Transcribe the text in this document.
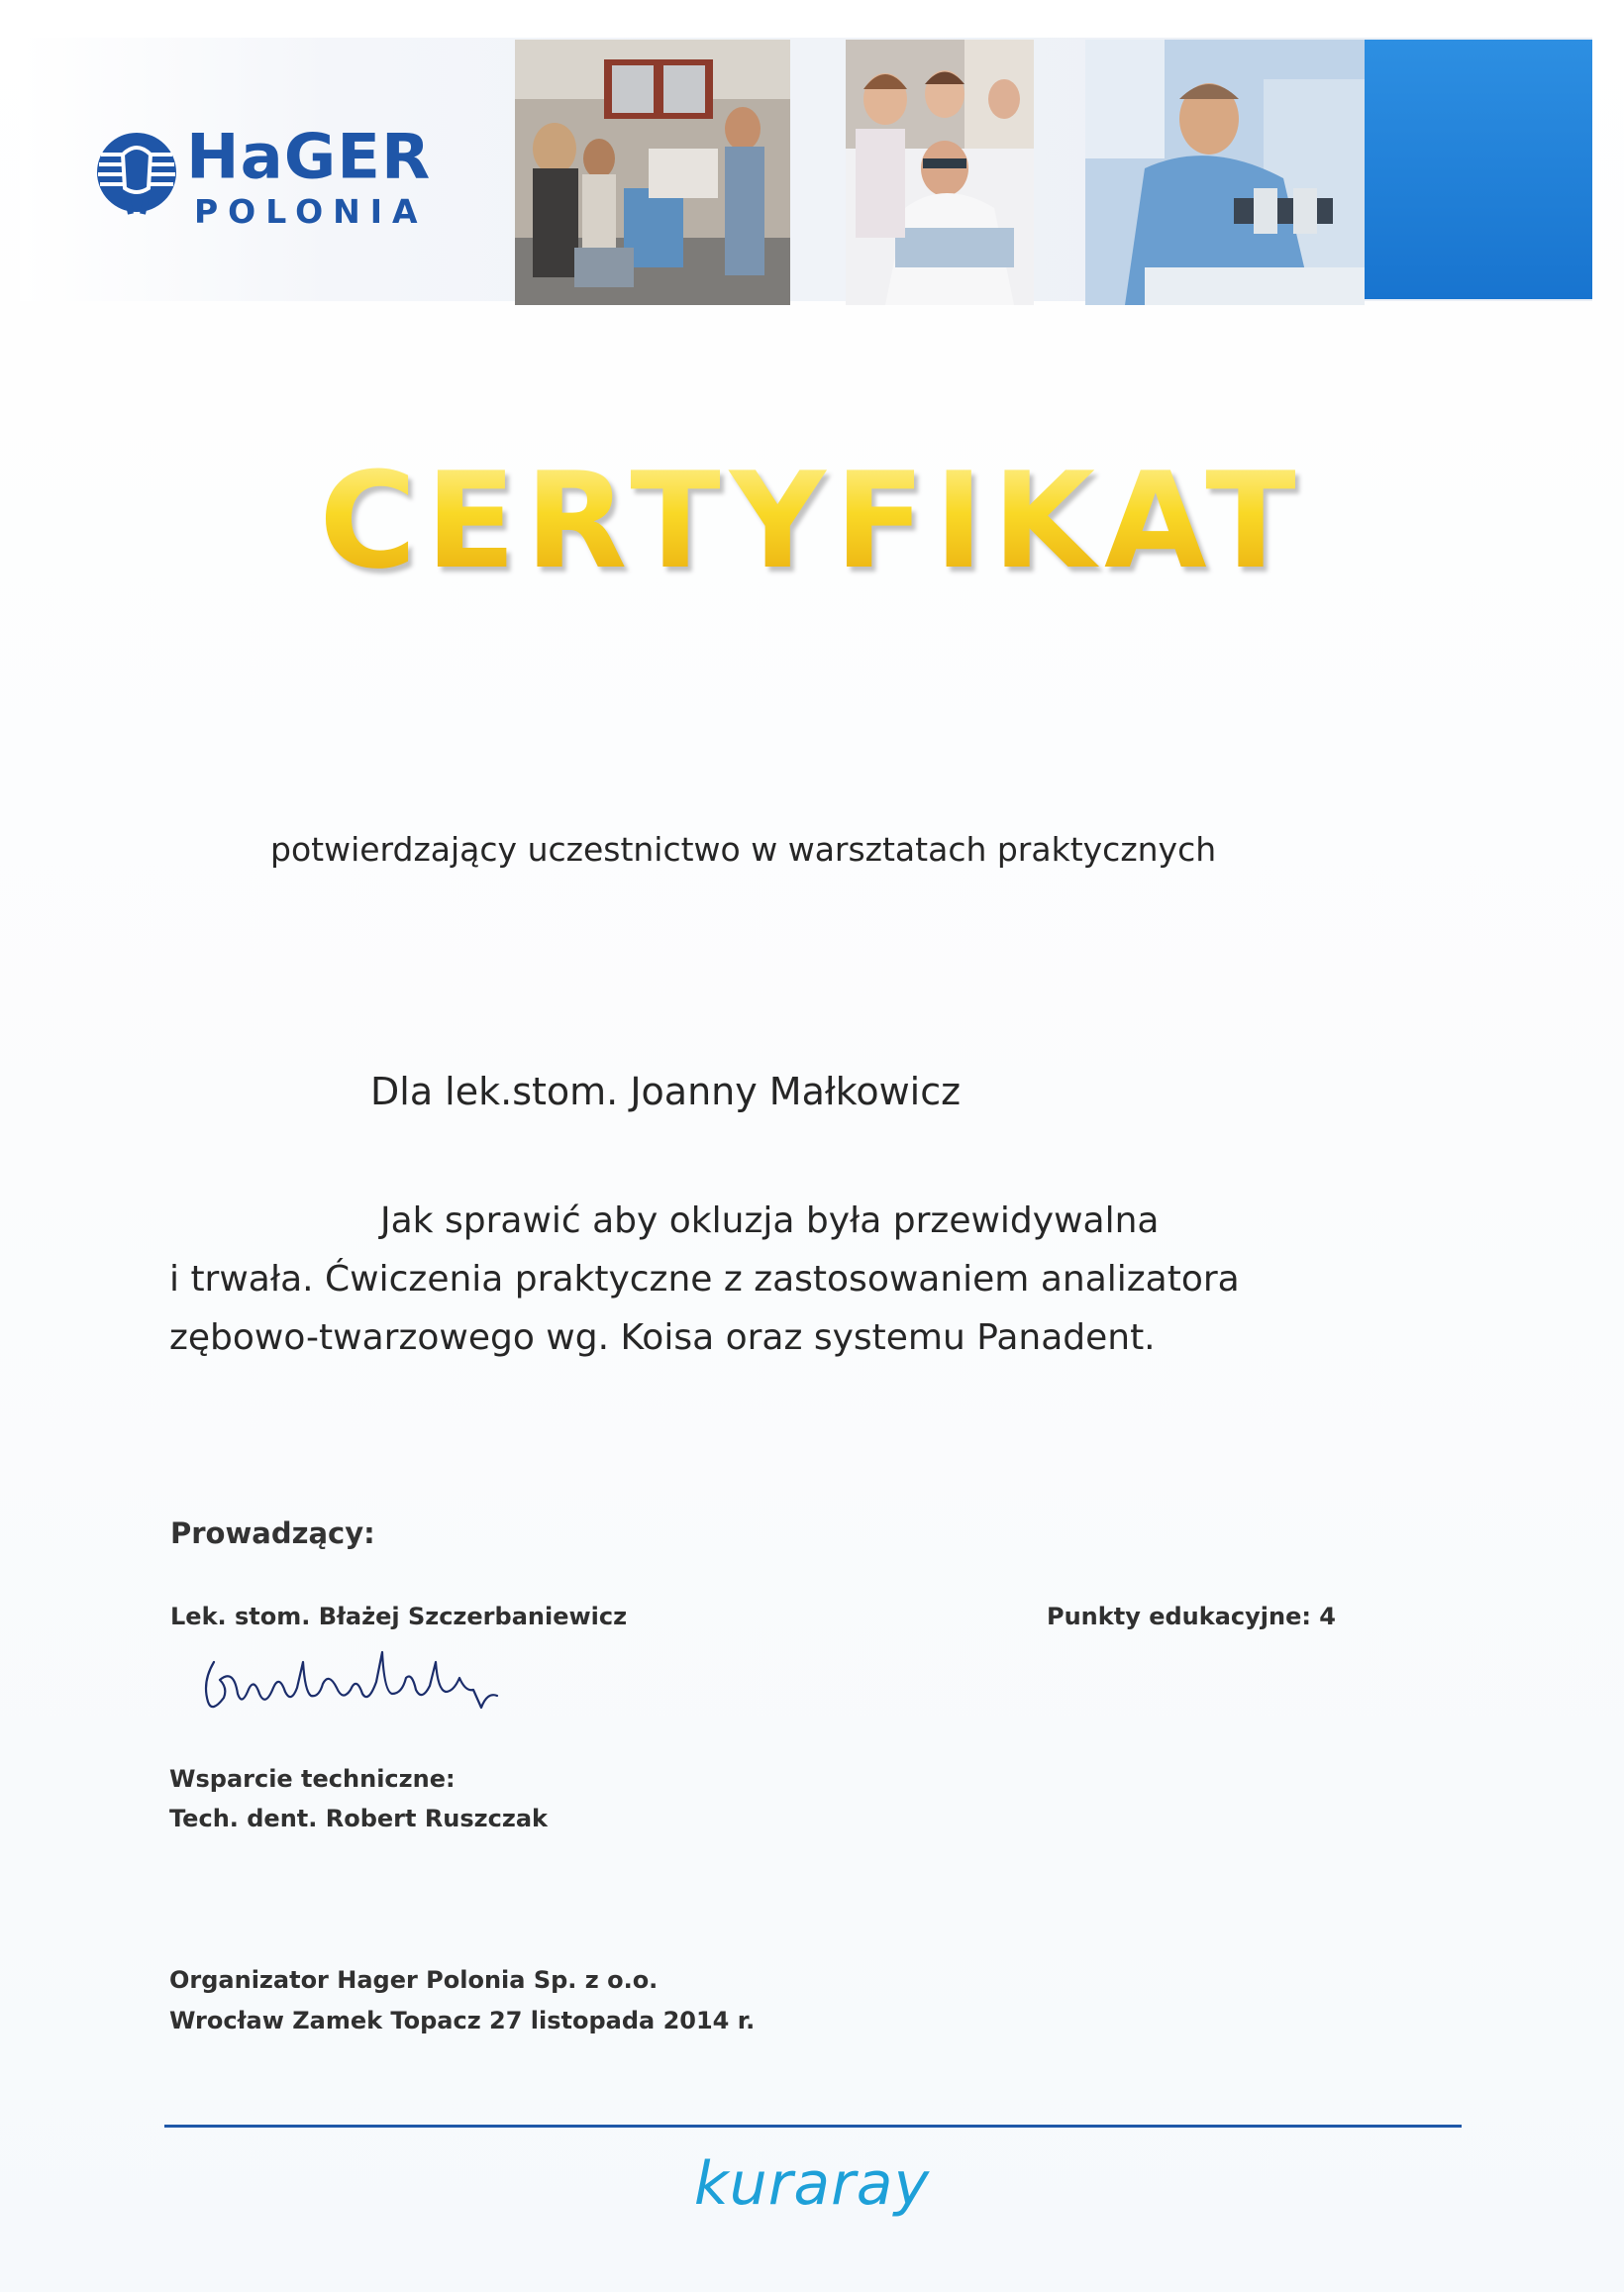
HaGER
POLONIA
CERTYFIKAT
potwierdzający uczestnictwo w warsztatach praktycznych
Dla lek.stom. Joanny Małkowicz
Jak sprawić aby okluzja była przewidywalna
i trwała. Ćwiczenia praktyczne z zastosowaniem analizatora
zębowo-twarzowego wg. Koisa oraz systemu Panadent.
Prowadzący:
Lek. stom. Błażej Szczerbaniewicz	Punkty edukacyjne: 4
Wsparcie techniczne:
Tech. dent. Robert Ruszczak
Organizator Hager Polonia Sp. z o.o.
Wrocław Zamek Topacz 27 listopada 2014 r.
kuraray
